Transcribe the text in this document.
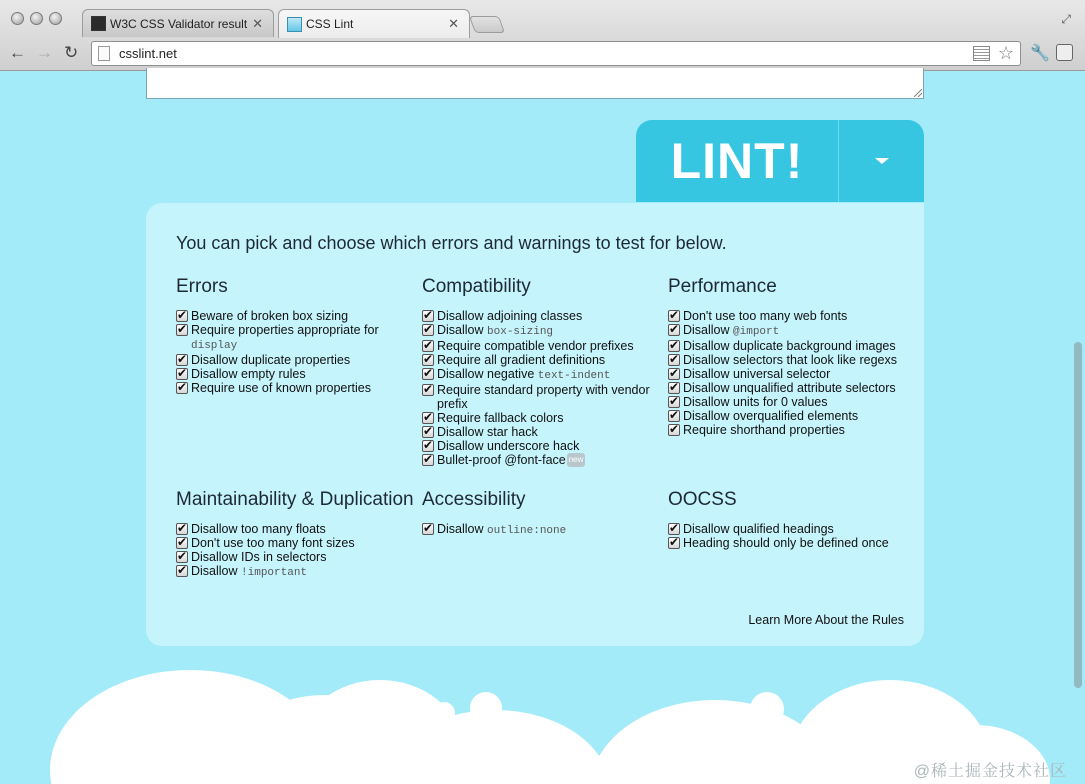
W3C CSS Validator result ✕	CSS Lint	✕	⤢
← → ↻	csslint.net	☆ 🔧
LINT!
You can pick and choose which errors and warnings to test for below.
Errors
✔
Beware of broken box sizing
✔
Require properties appropriate for display
✔
Disallow duplicate properties
✔
Disallow empty rules
✔
Require use of known properties
Compatibility
✔
Disallow adjoining classes
✔
Disallow box-sizing
✔
Require compatible vendor prefixes
✔
Require all gradient definitions
✔
Disallow negative text-indent
✔
Require standard property with vendor prefix
✔
Require fallback colors
✔
Disallow star hack
✔
Disallow underscore hack
✔
Bullet-proof @font-face new
Performance
✔
Don't use too many web fonts
✔
Disallow @import
✔
Disallow duplicate background images
✔
Disallow selectors that look like regexs
✔
Disallow universal selector
✔
Disallow unqualified attribute selectors
✔
Disallow units for 0 values
✔
Disallow overqualified elements
✔
Require shorthand properties
Maintainability & Duplication
✔
Disallow too many floats
✔
Don't use too many font sizes
✔
Disallow IDs in selectors
✔
Disallow !important
Accessibility
✔
Disallow outline:none
OOCSS
✔
Disallow qualified headings
✔
Heading should only be defined once
Learn More About the Rules
@稀土掘金技术社区
